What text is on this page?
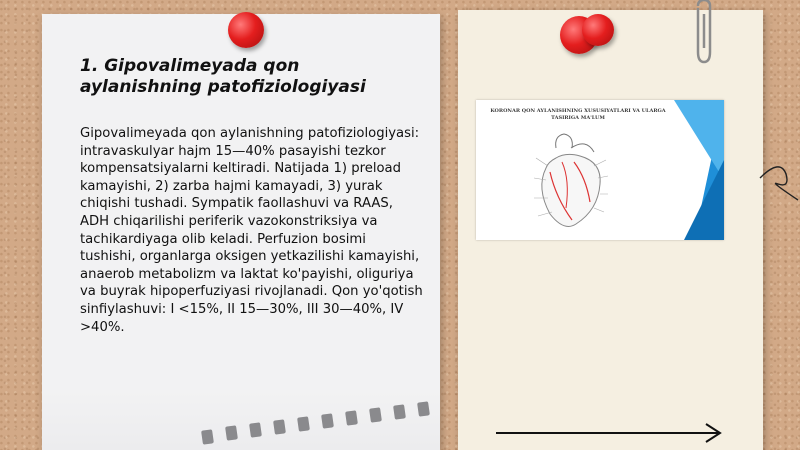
1. Gipovalimeyada qon aylanishning patofiziologiyasi
Gipovalimeyada qon aylanishning patofiziologiyasi: intravaskulyar hajm 15—40% pasayishi tezkor kompensatsiyalarni keltiradi. Natijada 1) preload kamayishi, 2) zarba hajmi kamayadi, 3) yurak chiqishi tushadi. Sympatik faollashuvi va RAAS, ADH chiqarilishi periferik vazokonstriksiya va tachikardiyaga olib keladi. Perfuzion bosimi tushishi, organlarga oksigen yetkazilishi kamayishi, anaerob metabolizm va laktat ko'payishi, oliguriya va buyrak hipoperfuziyasi rivojlanadi. Qon yo'qotish sinfiylashuvi: I <15%, II 15—30%, III 30—40%, IV >40%.
KORONAR QON AYLANISHNING XUSUSIYATLARI VA ULARGA TASIRIGA MA'LUM
